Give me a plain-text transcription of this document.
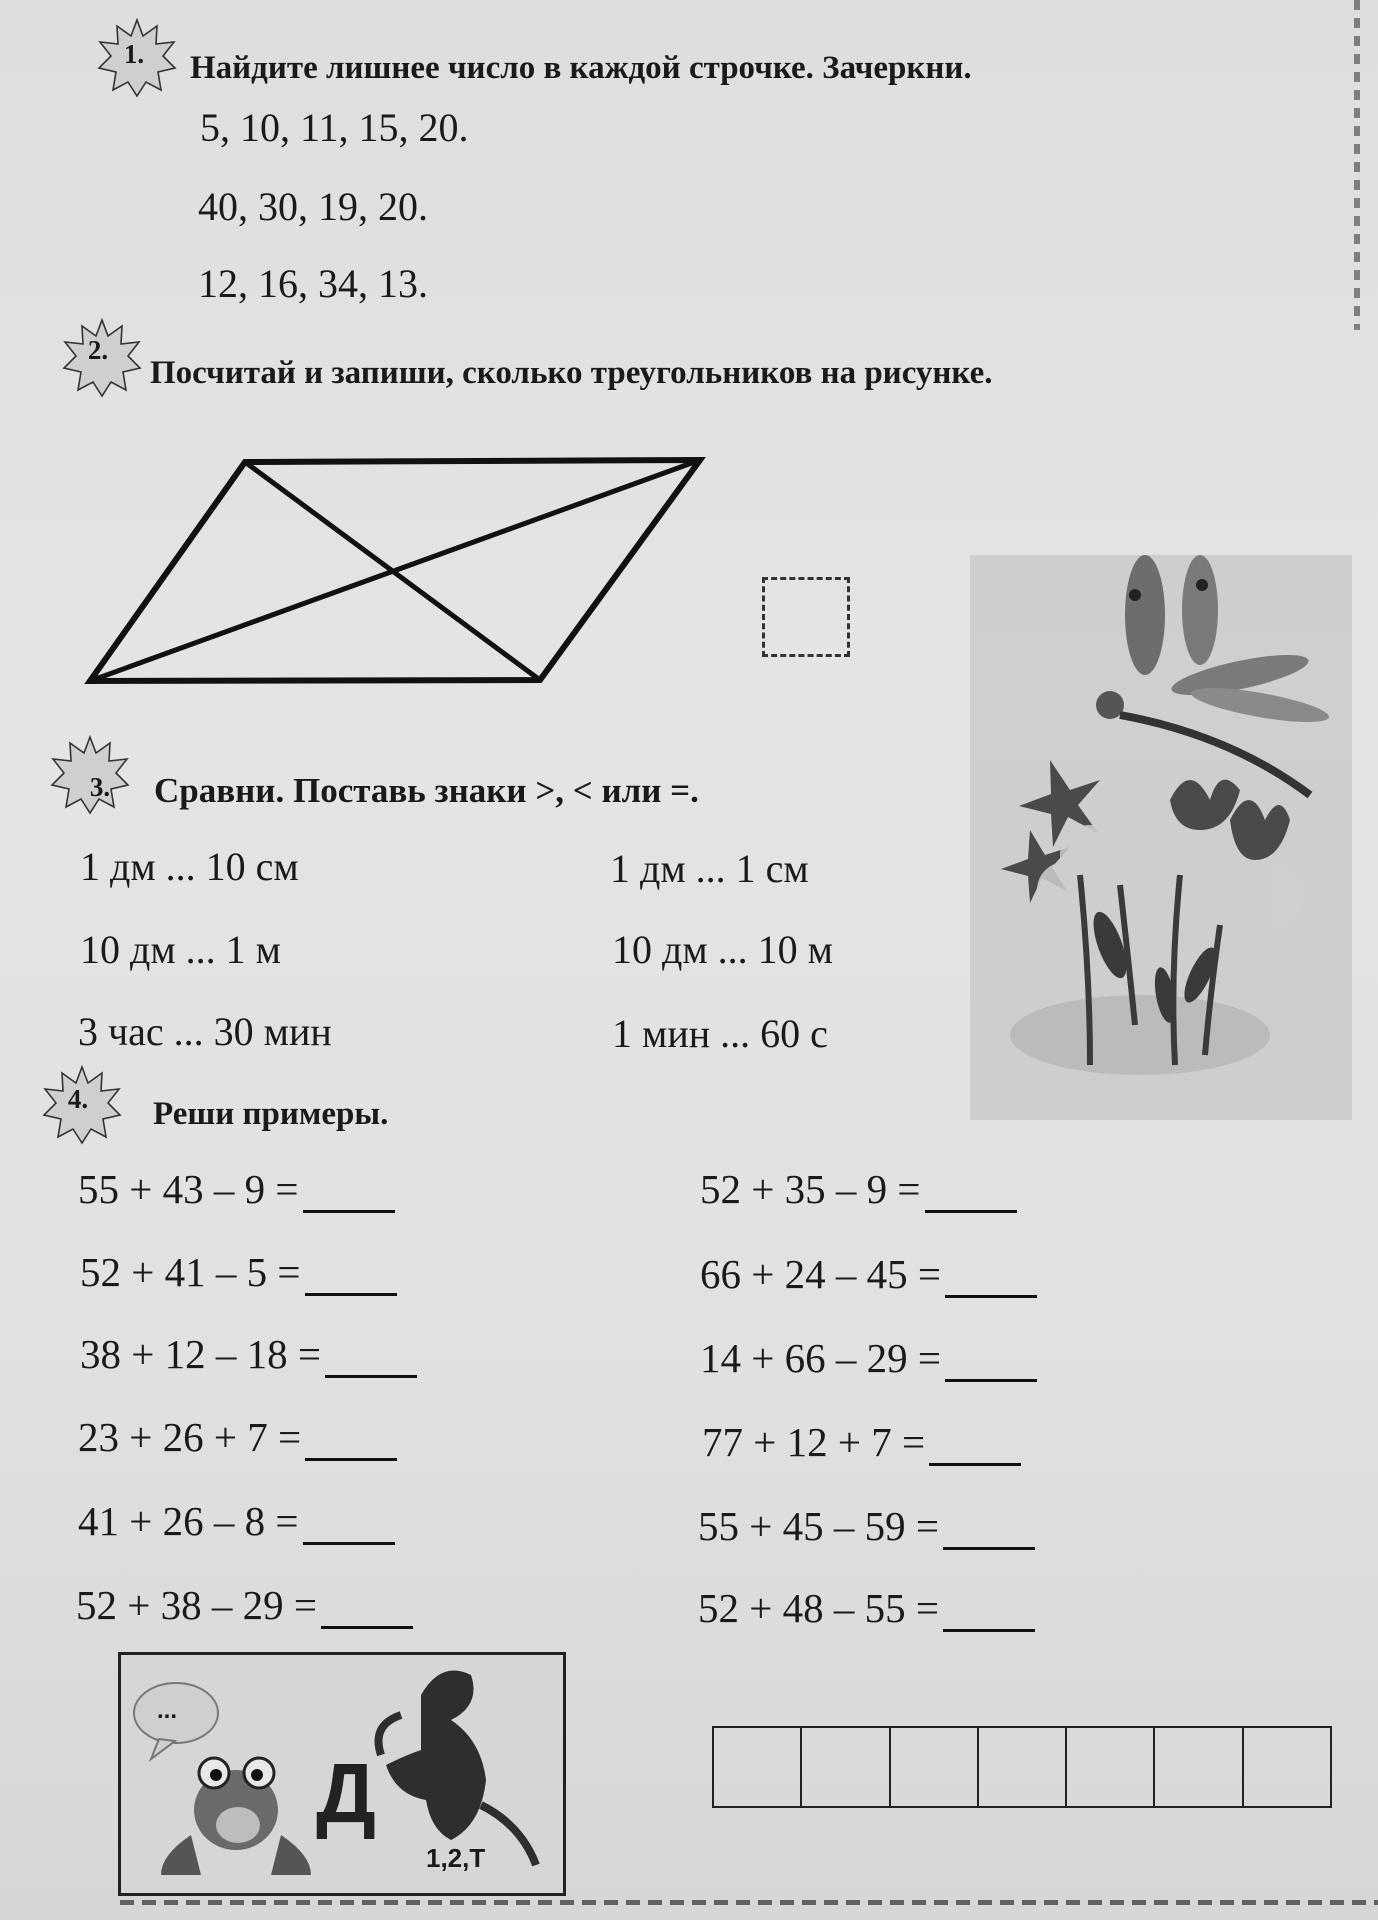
1.	Найдите лишнее число в каждой строчке. Зачеркни.
5, 10, 11, 15, 20.
40, 30, 19, 20.
12, 16, 34, 13.
2.
Посчитай и запиши, сколько треугольников на рисунке.
3.	Сравни. Поставь знаки >, < или =.
1 дм ... 10 см
10 дм ... 1 м
3 час ... 30 мин
1 дм ... 1 см
10 дм ... 10 м
1 мин ... 60 с
4.	Реши примеры.
55 + 43 – 9 =
52 + 41 – 5 =
38 + 12 – 18 =
23 + 26 + 7 =
41 + 26 – 8 =
52 + 38 – 29 =
52 + 35 – 9 =
66 + 24 – 45 =
14 + 66 – 29 =
77 + 12 + 7 =
55 + 45 – 59 =
52 + 48 – 55 =
...
Д
1,2,Т
